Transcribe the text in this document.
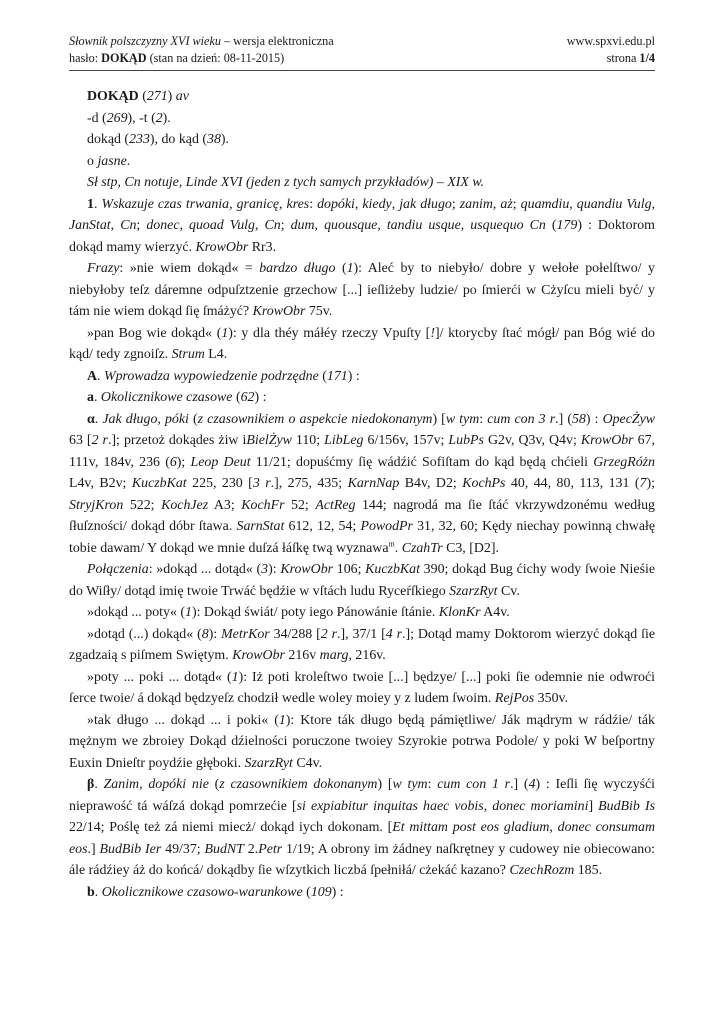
Słownik polszczyzny XVI wieku – wersja elektroniczna	www.spxvi.edu.pl
hasło: DOKĄD (stan na dzień: 08-11-2015)	strona 1/4

DOKĄD (271) av

-d (269), -t (2).

dokąd (233), do kąd (38).

o jasne.

Sł stp, Cn notuje, Linde XVI (jeden z tych samych przykładów) – XIX w.

1. Wskazuje czas trwania, granicę, kres: dopóki, kiedy, jak długo; zanim, aż; quamdiu, quandiu Vulg, JanStat, Cn; donec, quoad Vulg, Cn; dum, quousque, tandiu usque, usquequo Cn (179) : Doktorom dokąd mamy wierzyć. KrowObr Rr3.

Frazy: »nie wiem dokąd« = bardzo długo (1): Aleć by to niebyło/ dobre y wełołe połelſtwo/ y niebyłoby teſz dáremne odpuſztzenie grzechow [...] ieſliżeby ludzie/ po ſmierći w Cżyſcu mieli być/ y tám nie wiem dokąd ſię ſmáżyć? KrowObr 75v.

»pan Bog wie dokąd« (1): y dla théy máłéy rzeczy Vpuſty [!]/ ktorycby ſtać mógł/ pan Bóg wié do kąd/ tedy zgnoiſz. Strum L4.

A. Wprowadza wypowiedzenie podrzędne (171) :

a. Okolicznikowe czasowe (62) :

α. Jak długo, póki (z czasownikiem o aspekcie niedokonanym) [w tym: cum con 3 r.] (58) : OpecŻyw 63 [2 r.]; przetoż dokądes żiw iBielŻyw 110; LibLeg 6/156v, 157v; LubPs G2v, Q3v, Q4v; KrowObr 67, 111v, 184v, 236 (6); Leop Deut 11/21; dopuśćmy ſię wádźić Sofiſtam do kąd będą chćieli GrzegRóżn L4v, B2v; KuczbKat 225, 230 [3 r.], 275, 435; KarnNap B4v, D2; KochPs 40, 44, 80, 113, 131 (7); StryjKron 522; KochJez A3; KochFr 52; ActReg 144; nagrodá ma ſie ſtáć vkrzywdzonému według ſłuſzności/ dokąd dóbr ſtawa. SarnStat 612, 12, 54; PowodPr 31, 32, 60; Kędy niechay powinną chwałę tobie dawam/ Y dokąd we mnie duſzá łáſkę twą wyznawa$^m$. CzahTr C3, [D2].

Połączenia: »dokąd ... dotąd« (3): KrowObr 106; KuczbKat 390; dokąd Bug ćichy wody ſwoie Nieśie do Wiſły/ dotąd imię twoie Trwáć będźie w vſtách ludu Ryceŕſkiego SzarzRyt Cv.

»dokąd ... poty« (1): Dokąd świát/ poty iego Pánowánie ſtánie. KlonKr A4v.

»dotąd (...) dokąd« (8): MetrKor 34/288 [2 r.], 37/1 [4 r.]; Dotąd mamy Doktorom wierzyć dokąd ſie zgadzaią s piſmem Swiętym. KrowObr 216v marg, 216v.

»poty ... poki ... dotąd« (1): Iż poti kroleſtwo twoie [...] będzye/ [...] poki ſie odemnie nie odwroći ſerce twoie/ á dokąd będzyeſz chodził wedle woley moiey y z ludem ſwoim. RejPos 350v.

»tak długo ... dokąd ... i poki« (1): Ktore ták długo będą pámiętliwe/ Ják mądrym w rádźie/ ták mężnym we zbroiey Dokąd dźielności poruczone twoiey Szyrokie potrwa Podole/ y poki W beſportny Euxin Dnieſtr poydźie głęboki. SzarzRyt C4v.

β. Zanim, dopóki nie (z czasownikiem dokonanym) [w tym: cum con 1 r.] (4) : Ieſli ſię wyczyśći nieprawość tá wáſzá dokąd pomrzećie [si expiabitur inquitas haec vobis, donec moriamini] BudBib Is 22/14; Poślę też zá niemi miecż/ dokąd iych dokonam. [Et mittam post eos gladium, donec consumam eos.] BudBib Ier 49/37; BudNT 2.Petr 1/19; A obrony im żádney naſkrętney y cudowey nie obiecowano: ále rádźiey áż do końcá/ dokądby ſie wſzytkich liczbá ſpełniłá/ cżekáć kazano? CzechRozm 185.

b. Okolicznikowe czasowo-warunkowe (109) :
